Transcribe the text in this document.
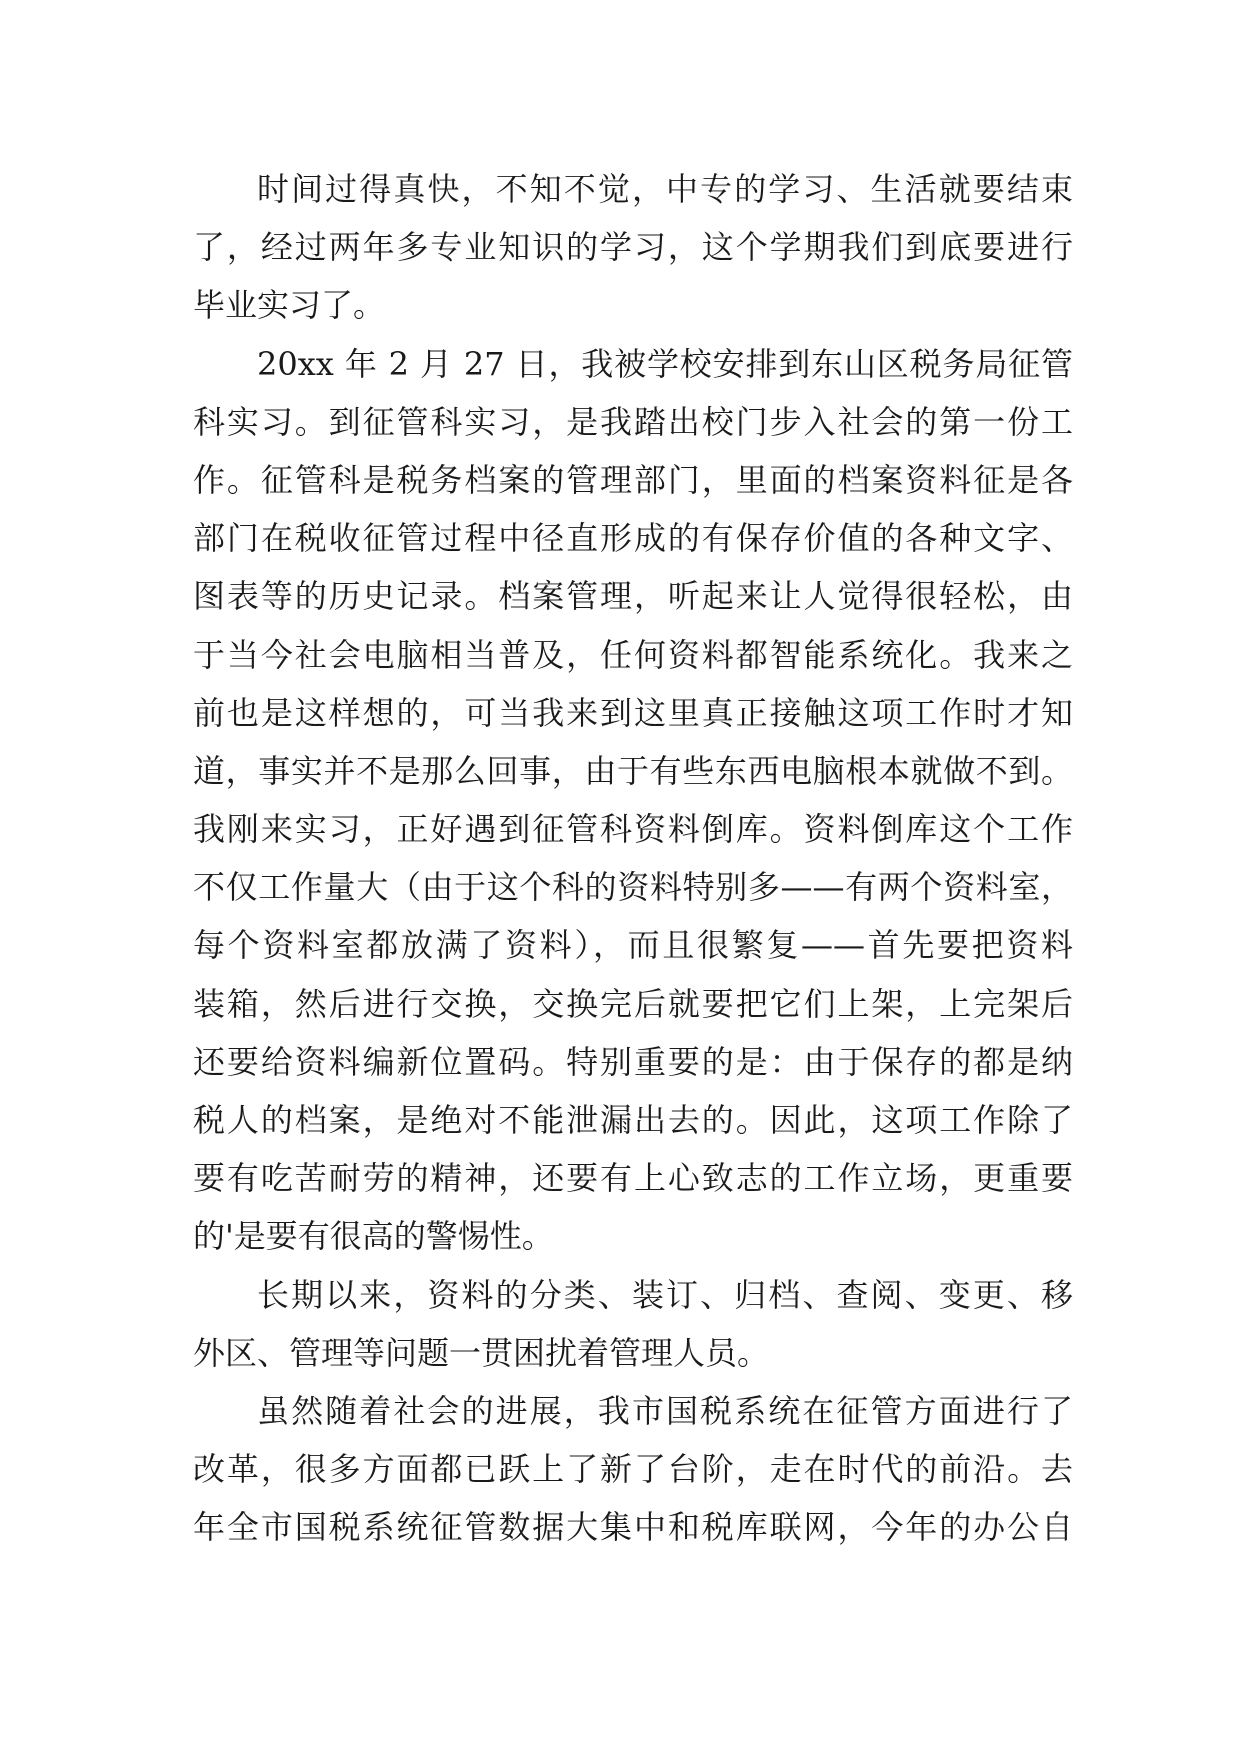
时间过得真快，不知不觉，中专的学习、生活就要结束
了，经过两年多专业知识的学习，这个学期我们到底要进行
毕业实习了。
20xx 年 2 月 27 日，我被学校安排到东山区税务局征管
科实习。到征管科实习，是我踏出校门步入社会的第一份工
作。征管科是税务档案的管理部门，里面的档案资料征是各
部门在税收征管过程中径直形成的有保存价值的各种文字、
图表等的历史记录。档案管理，听起来让人觉得很轻松，由
于当今社会电脑相当普及，任何资料都智能系统化。我来之
前也是这样想的，可当我来到这里真正接触这项工作时才知
道，事实并不是那么回事，由于有些东西电脑根本就做不到。
我刚来实习，正好遇到征管科资料倒库。资料倒库这个工作
不仅工作量大（由于这个科的资料特别多——有两个资料室，
每个资料室都放满了资料），而且很繁复——首先要把资料
装箱，然后进行交换，交换完后就要把它们上架，上完架后
还要给资料编新位置码。特别重要的是：由于保存的都是纳
税人的档案，是绝对不能泄漏出去的。因此，这项工作除了
要有吃苦耐劳的精神，还要有上心致志的工作立场，更重要
的'是要有很高的警惕性。
长期以来，资料的分类、装订、归档、查阅、变更、移
外区、管理等问题一贯困扰着管理人员。
虽然随着社会的进展，我市国税系统在征管方面进行了
改革，很多方面都已跃上了新了台阶，走在时代的前沿。去
年全市国税系统征管数据大集中和税库联网，今年的办公自
